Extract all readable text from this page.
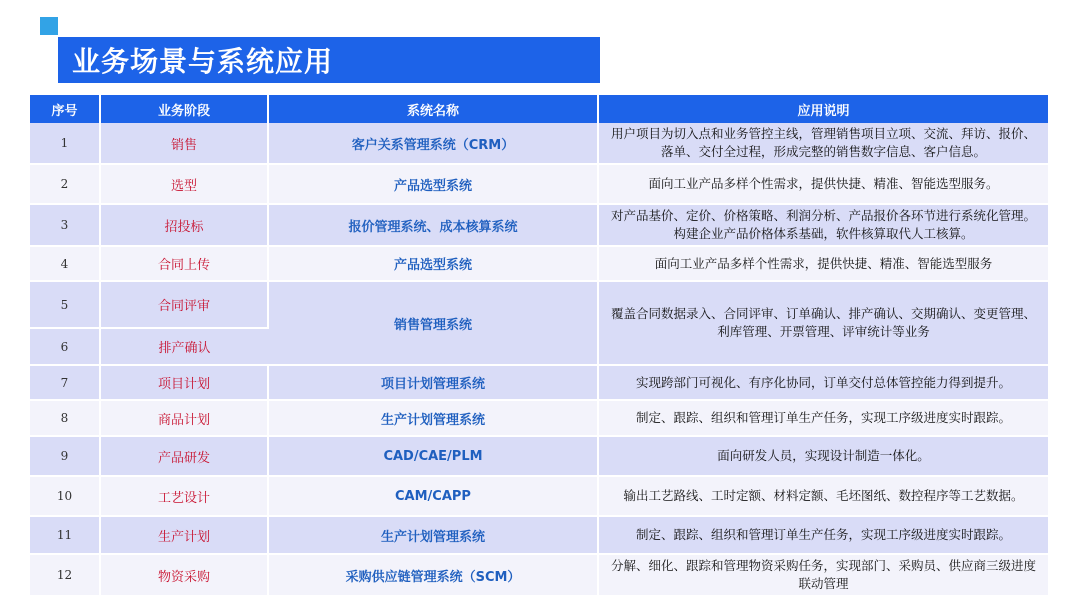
业务场景与系统应用
序号	业务阶段	系统名称	应用说明
1	销售	客户关系管理系统（CRM）	用户项目为切入点和业务管控主线，管理销售项目立项、交流、拜访、报价、落单、交付全过程，形成完整的销售数字信息、客户信息。
2	选型	产品选型系统	面向工业产品多样个性需求，提供快捷、精准、智能选型服务。
3	招投标	报价管理系统、成本核算系统	对产品基价、定价、价格策略、利润分析、产品报价各环节进行系统化管理。构建企业产品价格体系基础，软件核算取代人工核算。
4	合同上传	产品选型系统	面向工业产品多样个性需求，提供快捷、精准、智能选型服务
5	合同评审	销售管理系统	覆盖合同数据录入、合同评审、订单确认、排产确认、交期确认、变更管理、利库管理、开票管理、评审统计等业务
6	排产确认		
7	项目计划	项目计划管理系统	实现跨部门可视化、有序化协同，订单交付总体管控能力得到提升。
8	商品计划	生产计划管理系统	制定、跟踪、组织和管理订单生产任务，实现工序级进度实时跟踪。
9	产品研发	CAD/CAE/PLM	面向研发人员，实现设计制造一体化。
10	工艺设计	CAM/CAPP	输出工艺路线、工时定额、材料定额、毛坯图纸、数控程序等工艺数据。
11	生产计划	生产计划管理系统	制定、跟踪、组织和管理订单生产任务，实现工序级进度实时跟踪。
12	物资采购	采购供应链管理系统（SCM）	分解、细化、跟踪和管理物资采购任务，实现部门、采购员、供应商三级进度联动管理
